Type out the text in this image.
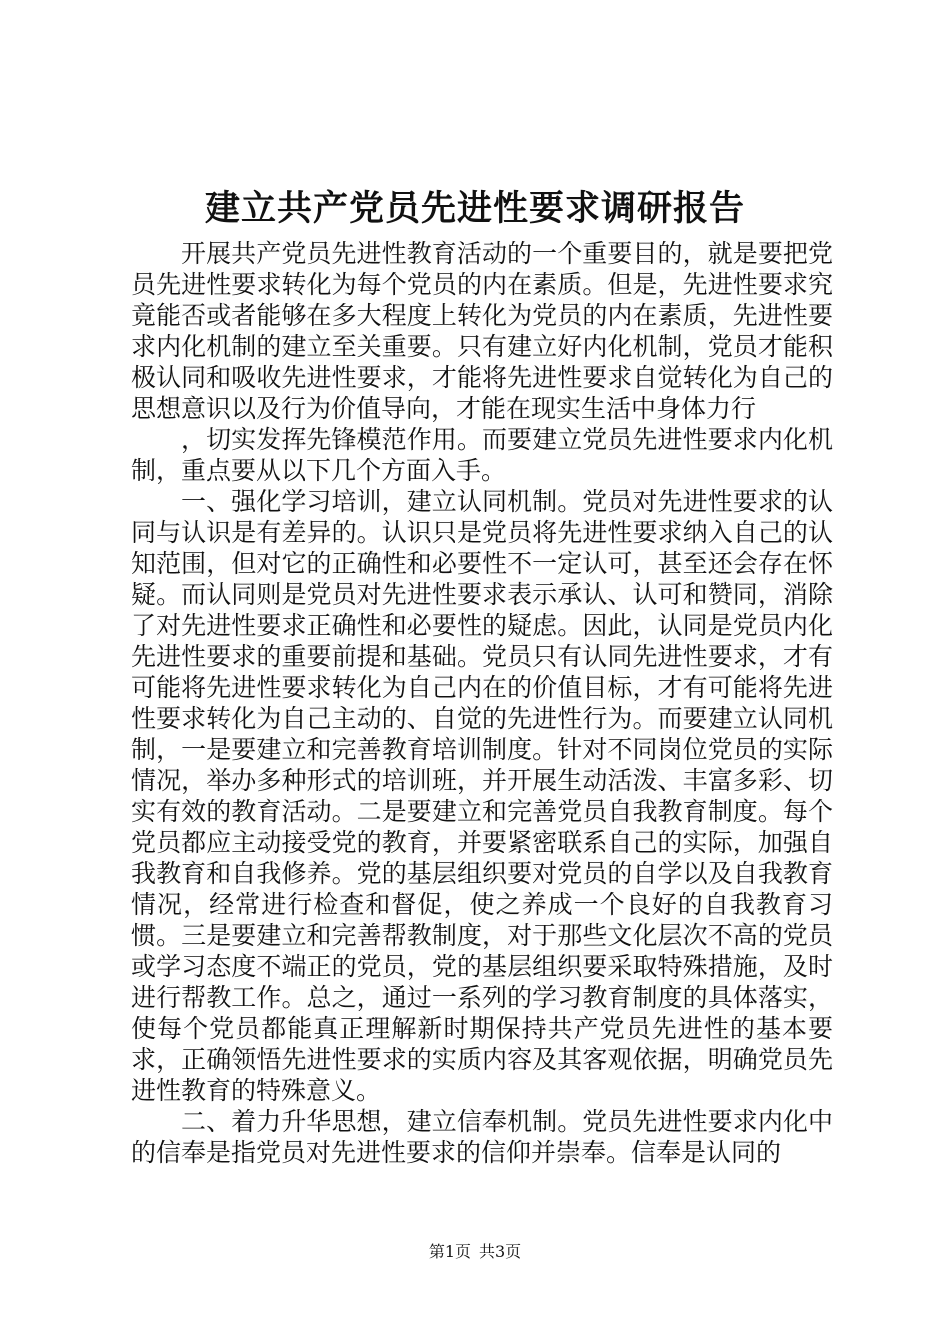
建立共产党员先进性要求调研报告

开展共产党员先进性教育活动的一个重要目的，就是要把党员先进性要求转化为每个党员的内在素质。但是，先进性要求究竟能否或者能够在多大程度上转化为党员的内在素质，先进性要求内化机制的建立至关重要。只有建立好内化机制，党员才能积极认同和吸收先进性要求，才能将先进性要求自觉转化为自己的思想意识以及行为价值导向，才能在现实生活中身体力行

，切实发挥先锋模范作用。而要建立党员先进性要求内化机制，重点要从以下几个方面入手。

一、强化学习培训，建立认同机制。党员对先进性要求的认同与认识是有差异的。认识只是党员将先进性要求纳入自己的认知范围，但对它的正确性和必要性不一定认可，甚至还会存在怀疑。而认同则是党员对先进性要求表示承认、认可和赞同，消除了对先进性要求正确性和必要性的疑虑。因此，认同是党员内化先进性要求的重要前提和基础。党员只有认同先进性要求，才有可能将先进性要求转化为自己内在的价值目标，才有可能将先进性要求转化为自己主动的、自觉的先进性行为。而要建立认同机制，一是要建立和完善教育培训制度。针对不同岗位党员的实际情况，举办多种形式的培训班，并开展生动活泼、丰富多彩、切实有效的教育活动。二是要建立和完善党员自我教育制度。每个党员都应主动接受党的教育，并要紧密联系自己的实际，加强自我教育和自我修养。党的基层组织要对党员的自学以及自我教育情况，经常进行检查和督促，使之养成一个良好的自我教育习惯。三是要建立和完善帮教制度，对于那些文化层次不高的党员或学习态度不端正的党员，党的基层组织要采取特殊措施，及时进行帮教工作。总之，通过一系列的学习教育制度的具体落实，使每个党员都能真正理解新时期保持共产党员先进性的基本要求，正确领悟先进性要求的实质内容及其客观依据，明确党员先进性教育的特殊意义。

二、着力升华思想，建立信奉机制。党员先进性要求内化中的信奉是指党员对先进性要求的信仰并崇奉。信奉是认同的

第1页 共3页
